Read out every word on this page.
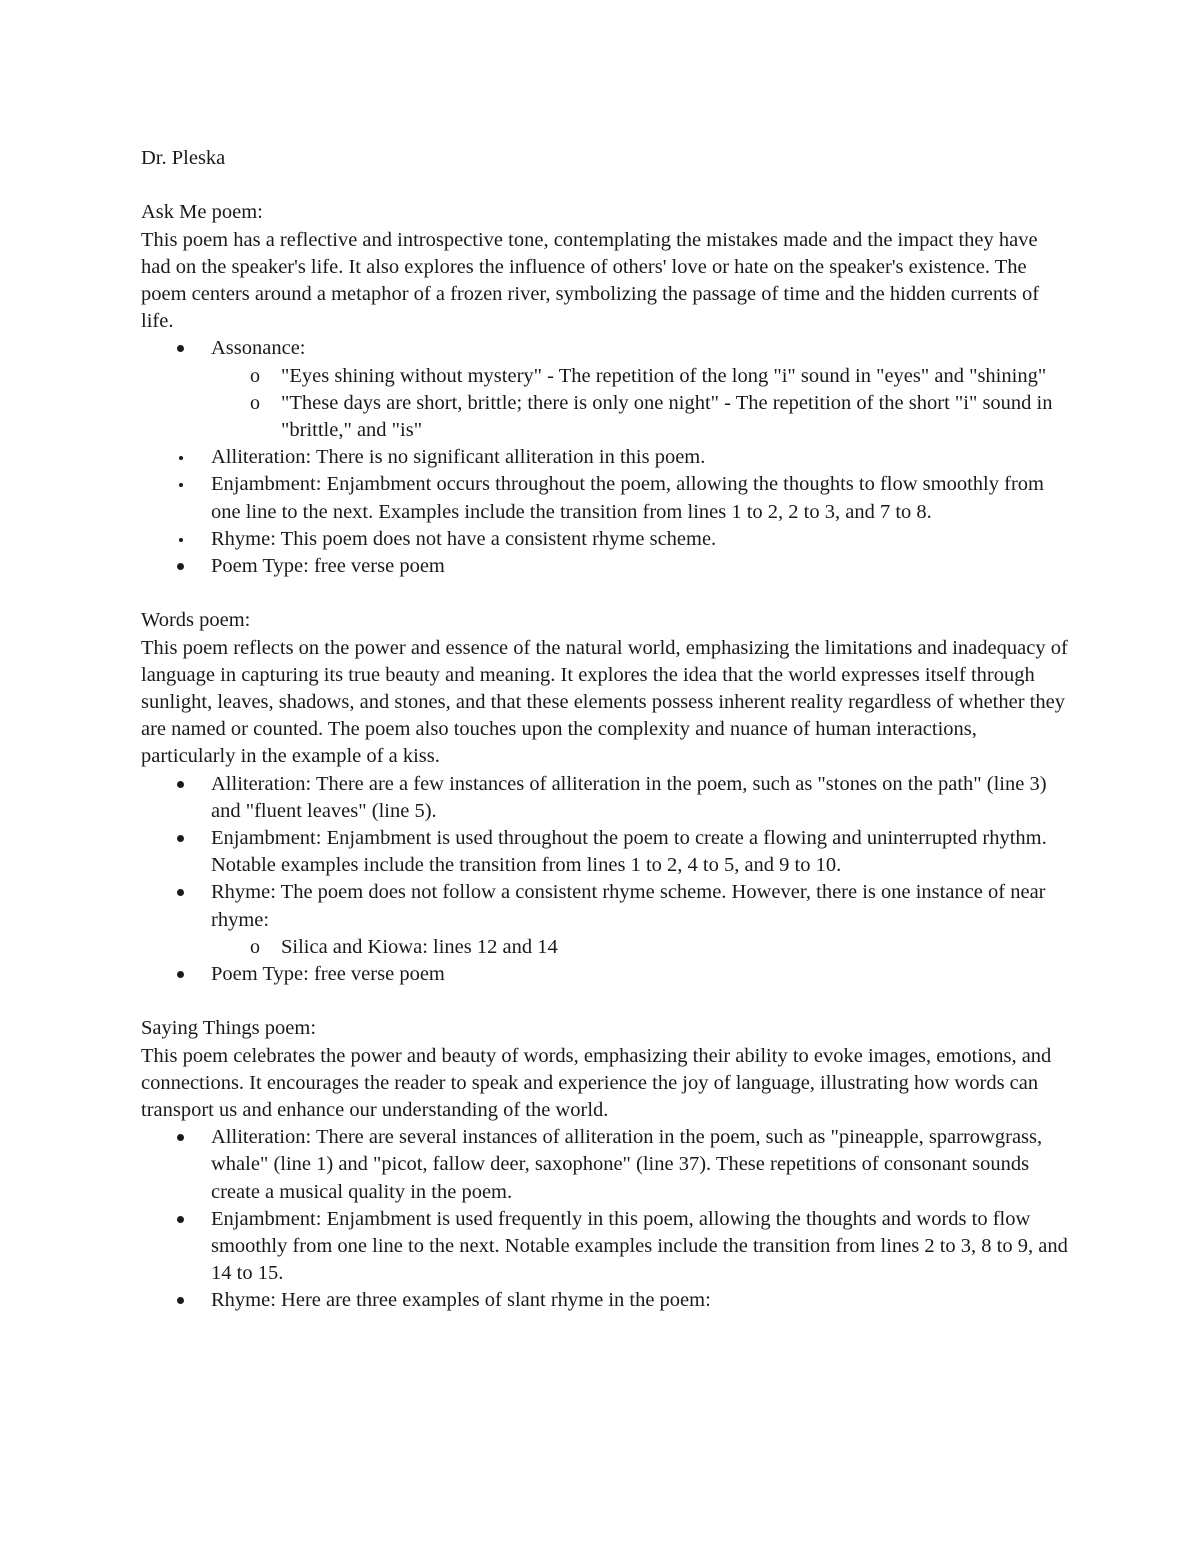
Dr. Pleska

Ask Me poem:

This poem has a reflective and introspective tone, contemplating the mistakes made and the impact they have had on the speaker's life. It also explores the influence of others' love or hate on the speaker's existence. The poem centers around a metaphor of a frozen river, symbolizing the passage of time and the hidden currents of life.

Assonance:
o "Eyes shining without mystery" - The repetition of the long "i" sound in "eyes" and "shining"
o "These days are short, brittle; there is only one night" - The repetition of the short "i" sound in "brittle," and "is"
Alliteration: There is no significant alliteration in this poem.
Enjambment: Enjambment occurs throughout the poem, allowing the thoughts to flow smoothly from one line to the next. Examples include the transition from lines 1 to 2, 2 to 3, and 7 to 8.
Rhyme: This poem does not have a consistent rhyme scheme.
Poem Type: free verse poem

Words poem:

This poem reflects on the power and essence of the natural world, emphasizing the limitations and inadequacy of language in capturing its true beauty and meaning. It explores the idea that the world expresses itself through sunlight, leaves, shadows, and stones, and that these elements possess inherent reality regardless of whether they are named or counted. The poem also touches upon the complexity and nuance of human interactions, particularly in the example of a kiss.

Alliteration: There are a few instances of alliteration in the poem, such as "stones on the path" (line 3) and "fluent leaves" (line 5).
Enjambment: Enjambment is used throughout the poem to create a flowing and uninterrupted rhythm. Notable examples include the transition from lines 1 to 2, 4 to 5, and 9 to 10.
Rhyme: The poem does not follow a consistent rhyme scheme. However, there is one instance of near rhyme:
o Silica and Kiowa: lines 12 and 14
Poem Type: free verse poem

Saying Things poem:

This poem celebrates the power and beauty of words, emphasizing their ability to evoke images, emotions, and connections. It encourages the reader to speak and experience the joy of language, illustrating how words can transport us and enhance our understanding of the world.

Alliteration: There are several instances of alliteration in the poem, such as "pineapple, sparrowgrass, whale" (line 1) and "picot, fallow deer, saxophone" (line 37). These repetitions of consonant sounds create a musical quality in the poem.
Enjambment: Enjambment is used frequently in this poem, allowing the thoughts and words to flow smoothly from one line to the next. Notable examples include the transition from lines 2 to 3, 8 to 9, and 14 to 15.
Rhyme: Here are three examples of slant rhyme in the poem:
